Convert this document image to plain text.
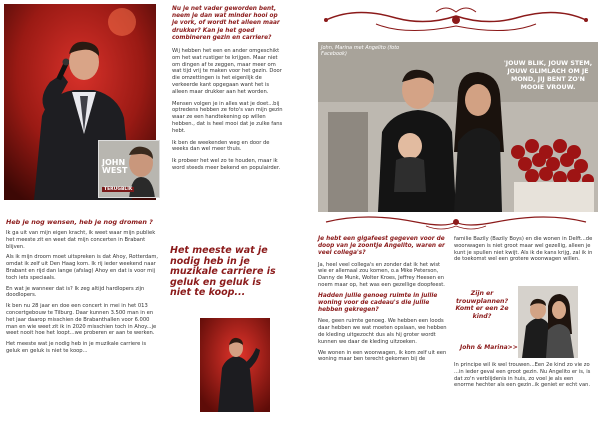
JOHN
WEST
TERUGBLIK
Heb je nog wensen, heb je nog dromen ?

Ik ga uit van mijn eigen kracht, ik weet waar mijn publiek het meeste zit en weet dat mijn concerten in Brabant blijven.

Als ik mijn droom moet uitspreken is dat Ahoy, Rotterdam, omdat ik zelf uit Den Haag kom. Ik rij ieder weekend naar Brabant en rijd dan lange (afslag) Ahoy en dat is voor mij toch iets speciaals.

En wat je wanneer dat is? Ik zeg altijd hardlopers zijn doodlopers.

Ik ben nu 28 jaar en doe een concert in mei in het 013 concertgebouw te Tilburg. Daar kunnen 3.500 man in en het jaar daarop misschien de Brabanthallen voor 6.000 man en wie weet zit ik in 2020 misschien toch in Ahoy...je weet nooit hoe het loopt...we proberen er aan te werken.

Het meeste wat je nodig heb in je muzikale carriere is geluk en geluk is niet te koop...

Nu je net vader geworden bent, neem je dan wat minder hooi op je vork, of wordt het alleen maar drukker? Kan je het goed combineren gezin en carriere?

Wij hebben het een en ander omgeschikt om het wat rustiger te krijgen. Maar niet om dingen af te zeggen, maar meer om wat tijd vrij te maken voor het gezin. Door die omzettingen is het eigenlijk de verkeerde kant opgegaan want het is alleen maar drukker aan het worden.

Mensen volgen je in alles wat je doet...bij optredens hebben ze foto's van mijn gezin waar ze een handtekening op willen hebben., dat is heel mooi dat je zulke fans hebt.

Ik ben de weekenden weg en door de weeks dan wel meer thuis.

Ik probeer het wel zo te houden, maar ik word steeds meer bekend en populairder.

Het meeste wat je nodig heb in je muzikale carriere is geluk en geluk is niet te koop...
John, Marina met Angelito (foto Facebook)
'JOUW BLIK, JOUW STEM, JOUW GLIMLACH OM JE MOND, JIJ BENT ZO'N MOOIE VROUW.
Je hebt een gigafeest gegeven voor de doop van je zoontje Angelito, waren er veel collega's?

Ja, heel veel collega's en zonder dat ik het wist wie er allemaal zou komen, o.a Mike Peterson, Danny de Munk, Wolter Kroes, Jeffrey Heesen en noem maar op, het was een gezellige doopfeest.

Hadden jullie genoeg ruimte in jullie woning voor de cadeau's die jullie hebben gekregen?

Nee, geen ruimte genoeg. We hebben een loods daar hebben we wat moeten opslaan, we hebben de kleding uitgezocht dus als hij groter wordt kunnen we daar de kleding uitzoeken.

We wonen in een woonwagen, ik kom zelf uit een woning maar ben terecht gekomen bij de

familie Bazily (Bazily Boys) en die wonen in Delft...de woonwagen is niet groot maar wel gezellig, alleen je kunt je spullen niet kwijt. Als ik de kans krijg, zal ik in de toekomst wel een grotere woonwagen willen.

Zijn er trouwplannen? Komt er een 2e kind?
John & Marina>>

In principe wil ik wel trouwen...Een 2e kind zo vie zo ...in ieder geval een groot gezin. Nu Angelito er is, is dat zo'n verblijdenis in huis, zo voel je als een enorme hechter als een gezin..ik geniet er echt van.
